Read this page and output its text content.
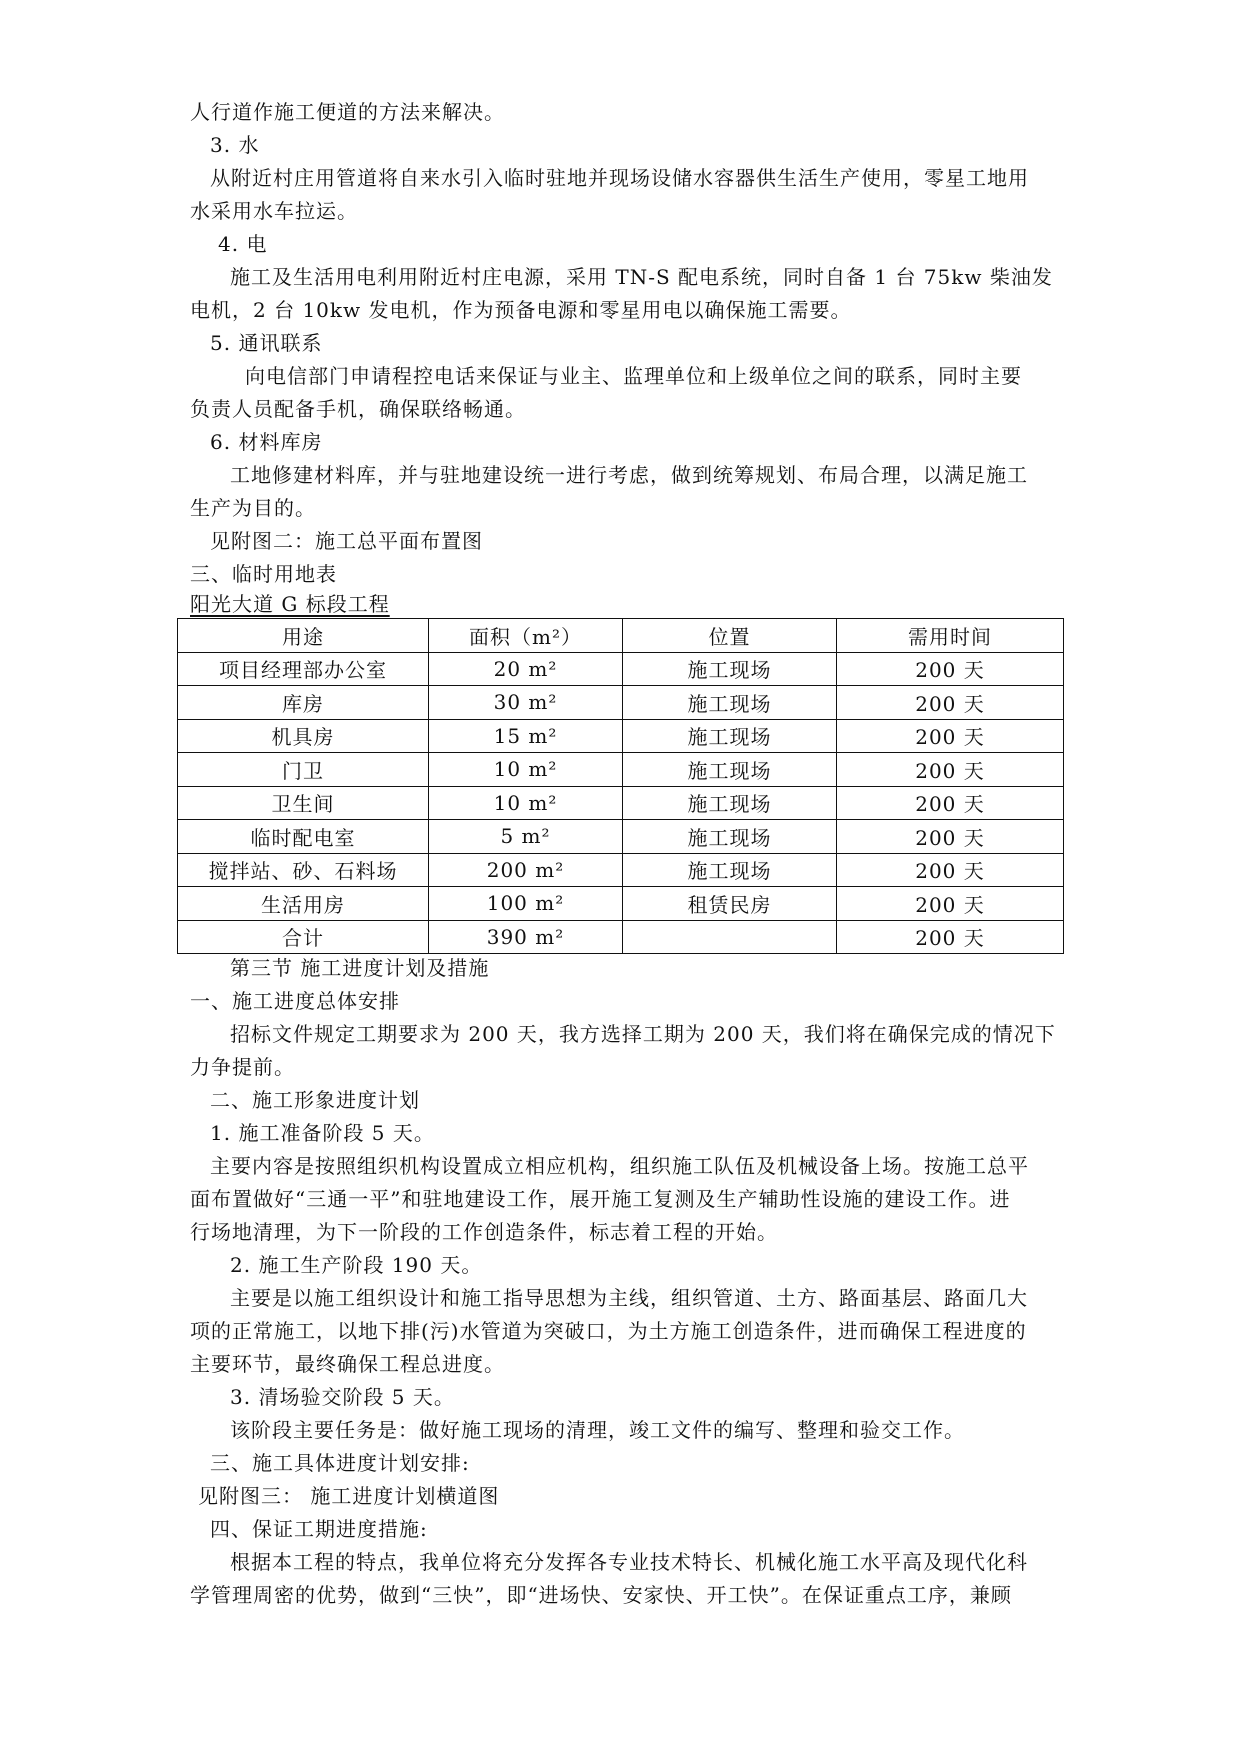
人行道作施工便道的方法来解决。
3. 水
从附近村庄用管道将自来水引入临时驻地并现场设储水容器供生活生产使用，零星工地用
水采用水车拉运。
4. 电
施工及生活用电利用附近村庄电源，采用 TN-S 配电系统，同时自备 1 台 75kw 柴油发
电机，2 台 10kw 发电机，作为预备电源和零星用电以确保施工需要。
5. 通讯联系
向电信部门申请程控电话来保证与业主、监理单位和上级单位之间的联系，同时主要
负责人员配备手机，确保联络畅通。
6. 材料库房
工地修建材料库，并与驻地建设统一进行考虑，做到统筹规划、布局合理，以满足施工
生产为目的。
见附图二：施工总平面布置图
三、临时用地表
阳光大道 G 标段工程
用途	面积（m²）	位置	需用时间
项目经理部办公室	20 m²	施工现场	200 天
库房	30 m²	施工现场	200 天
机具房	15 m²	施工现场	200 天
门卫	10 m²	施工现场	200 天
卫生间	10 m²	施工现场	200 天
临时配电室	5 m²	施工现场	200 天
搅拌站、砂、石料场	200 m²	施工现场	200 天
生活用房	100 m²	租赁民房	200 天
合计	390 m²		200 天
第三节 施工进度计划及措施
一、施工进度总体安排
招标文件规定工期要求为 200 天，我方选择工期为 200 天，我们将在确保完成的情况下
力争提前。
二、施工形象进度计划
1. 施工准备阶段 5 天。
主要内容是按照组织机构设置成立相应机构，组织施工队伍及机械设备上场。按施工总平
面布置做好“三通一平”和驻地建设工作，展开施工复测及生产辅助性设施的建设工作。进
行场地清理，为下一阶段的工作创造条件，标志着工程的开始。
2. 施工生产阶段 190 天。
主要是以施工组织设计和施工指导思想为主线，组织管道、土方、路面基层、路面几大
项的正常施工，以地下排(污)水管道为突破口，为土方施工创造条件，进而确保工程进度的
主要环节，最终确保工程总进度。
3. 清场验交阶段 5 天。
该阶段主要任务是：做好施工现场的清理，竣工文件的编写、整理和验交工作。
三、施工具体进度计划安排:
见附图三： 施工进度计划横道图
四、保证工期进度措施:
根据本工程的特点，我单位将充分发挥各专业技术特长、机械化施工水平高及现代化科
学管理周密的优势，做到“三快”，即“进场快、安家快、开工快”。在保证重点工序，兼顾
